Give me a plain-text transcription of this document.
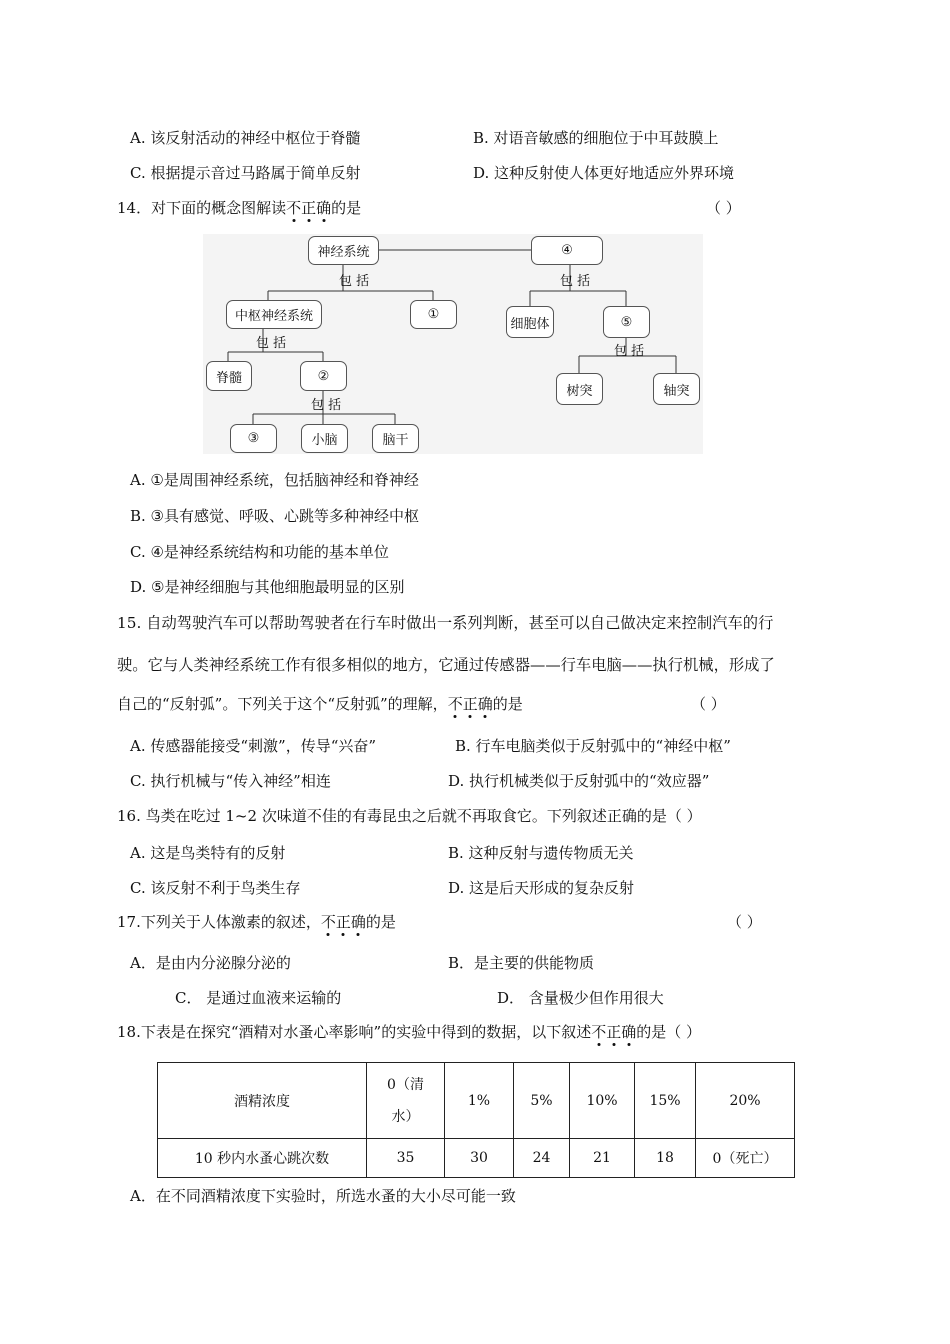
A. 该反射活动的神经中枢位于脊髓	B. 对语音敏感的细胞位于中耳鼓膜上
C. 根据提示音过马路属于简单反射	D. 这种反射使人体更好地适应外界环境
14．对下面的概念图解读不
正
确
的是	（ ）
神经系统	④
包 括	包 括
中枢神经系统	①
细胞体	⑤
包 括
包 括
脊髓	②
树突	轴突
包 括
③	小脑	脑干
A. ①是周围神经系统，包括脑神经和脊神经
B. ③具有感觉、呼吸、心跳等多种神经中枢
C. ④是神经系统结构和功能的基本单位
D. ⑤是神经细胞与其他细胞最明显的区别
15. 自动驾驶汽车可以帮助驾驶者在行车时做出一系列判断，甚至可以自己做决定来控制汽车的行
驶。它与人类神经系统工作有很多相似的地方，它通过传感器——行车电脑——执行机械，形成了
自己的“反射弧”。下列关于这个“反射弧”的理解，不
正
确
的是	（ ）
A. 传感器能接受“刺激”，传导“兴奋”	B. 行车电脑类似于反射弧中的“神经中枢”
C. 执行机械与“传入神经”相连	D. 执行机械类似于反射弧中的“效应器”
16. 鸟类在吃过 1~2 次味道不佳的有毒昆虫之后就不再取食它。下列叙述正确的是（ ）
A. 这是鸟类特有的反射	B. 这种反射与遗传物质无关
C. 该反射不利于鸟类生存	D. 这是后天形成的复杂反射
17.下列关于人体激素的叙述，不
正
确
的是	（ ）
A．是由内分泌腺分泌的	B．是主要的供能物质
C． 是通过血液来运输的	D． 含量极少但作用很大
18.下表是在探究“酒精对水蚤心率影响”的实验中得到的数据，以下叙述不
正
确
的是（ ）
酒精浓度	0（清
水）	1%	5%	10%	15%	20%
10 秒内水蚤心跳次数	35	30	24	21	18	0（死亡）
A．在不同酒精浓度下实验时，所选水蚤的大小尽可能一致
